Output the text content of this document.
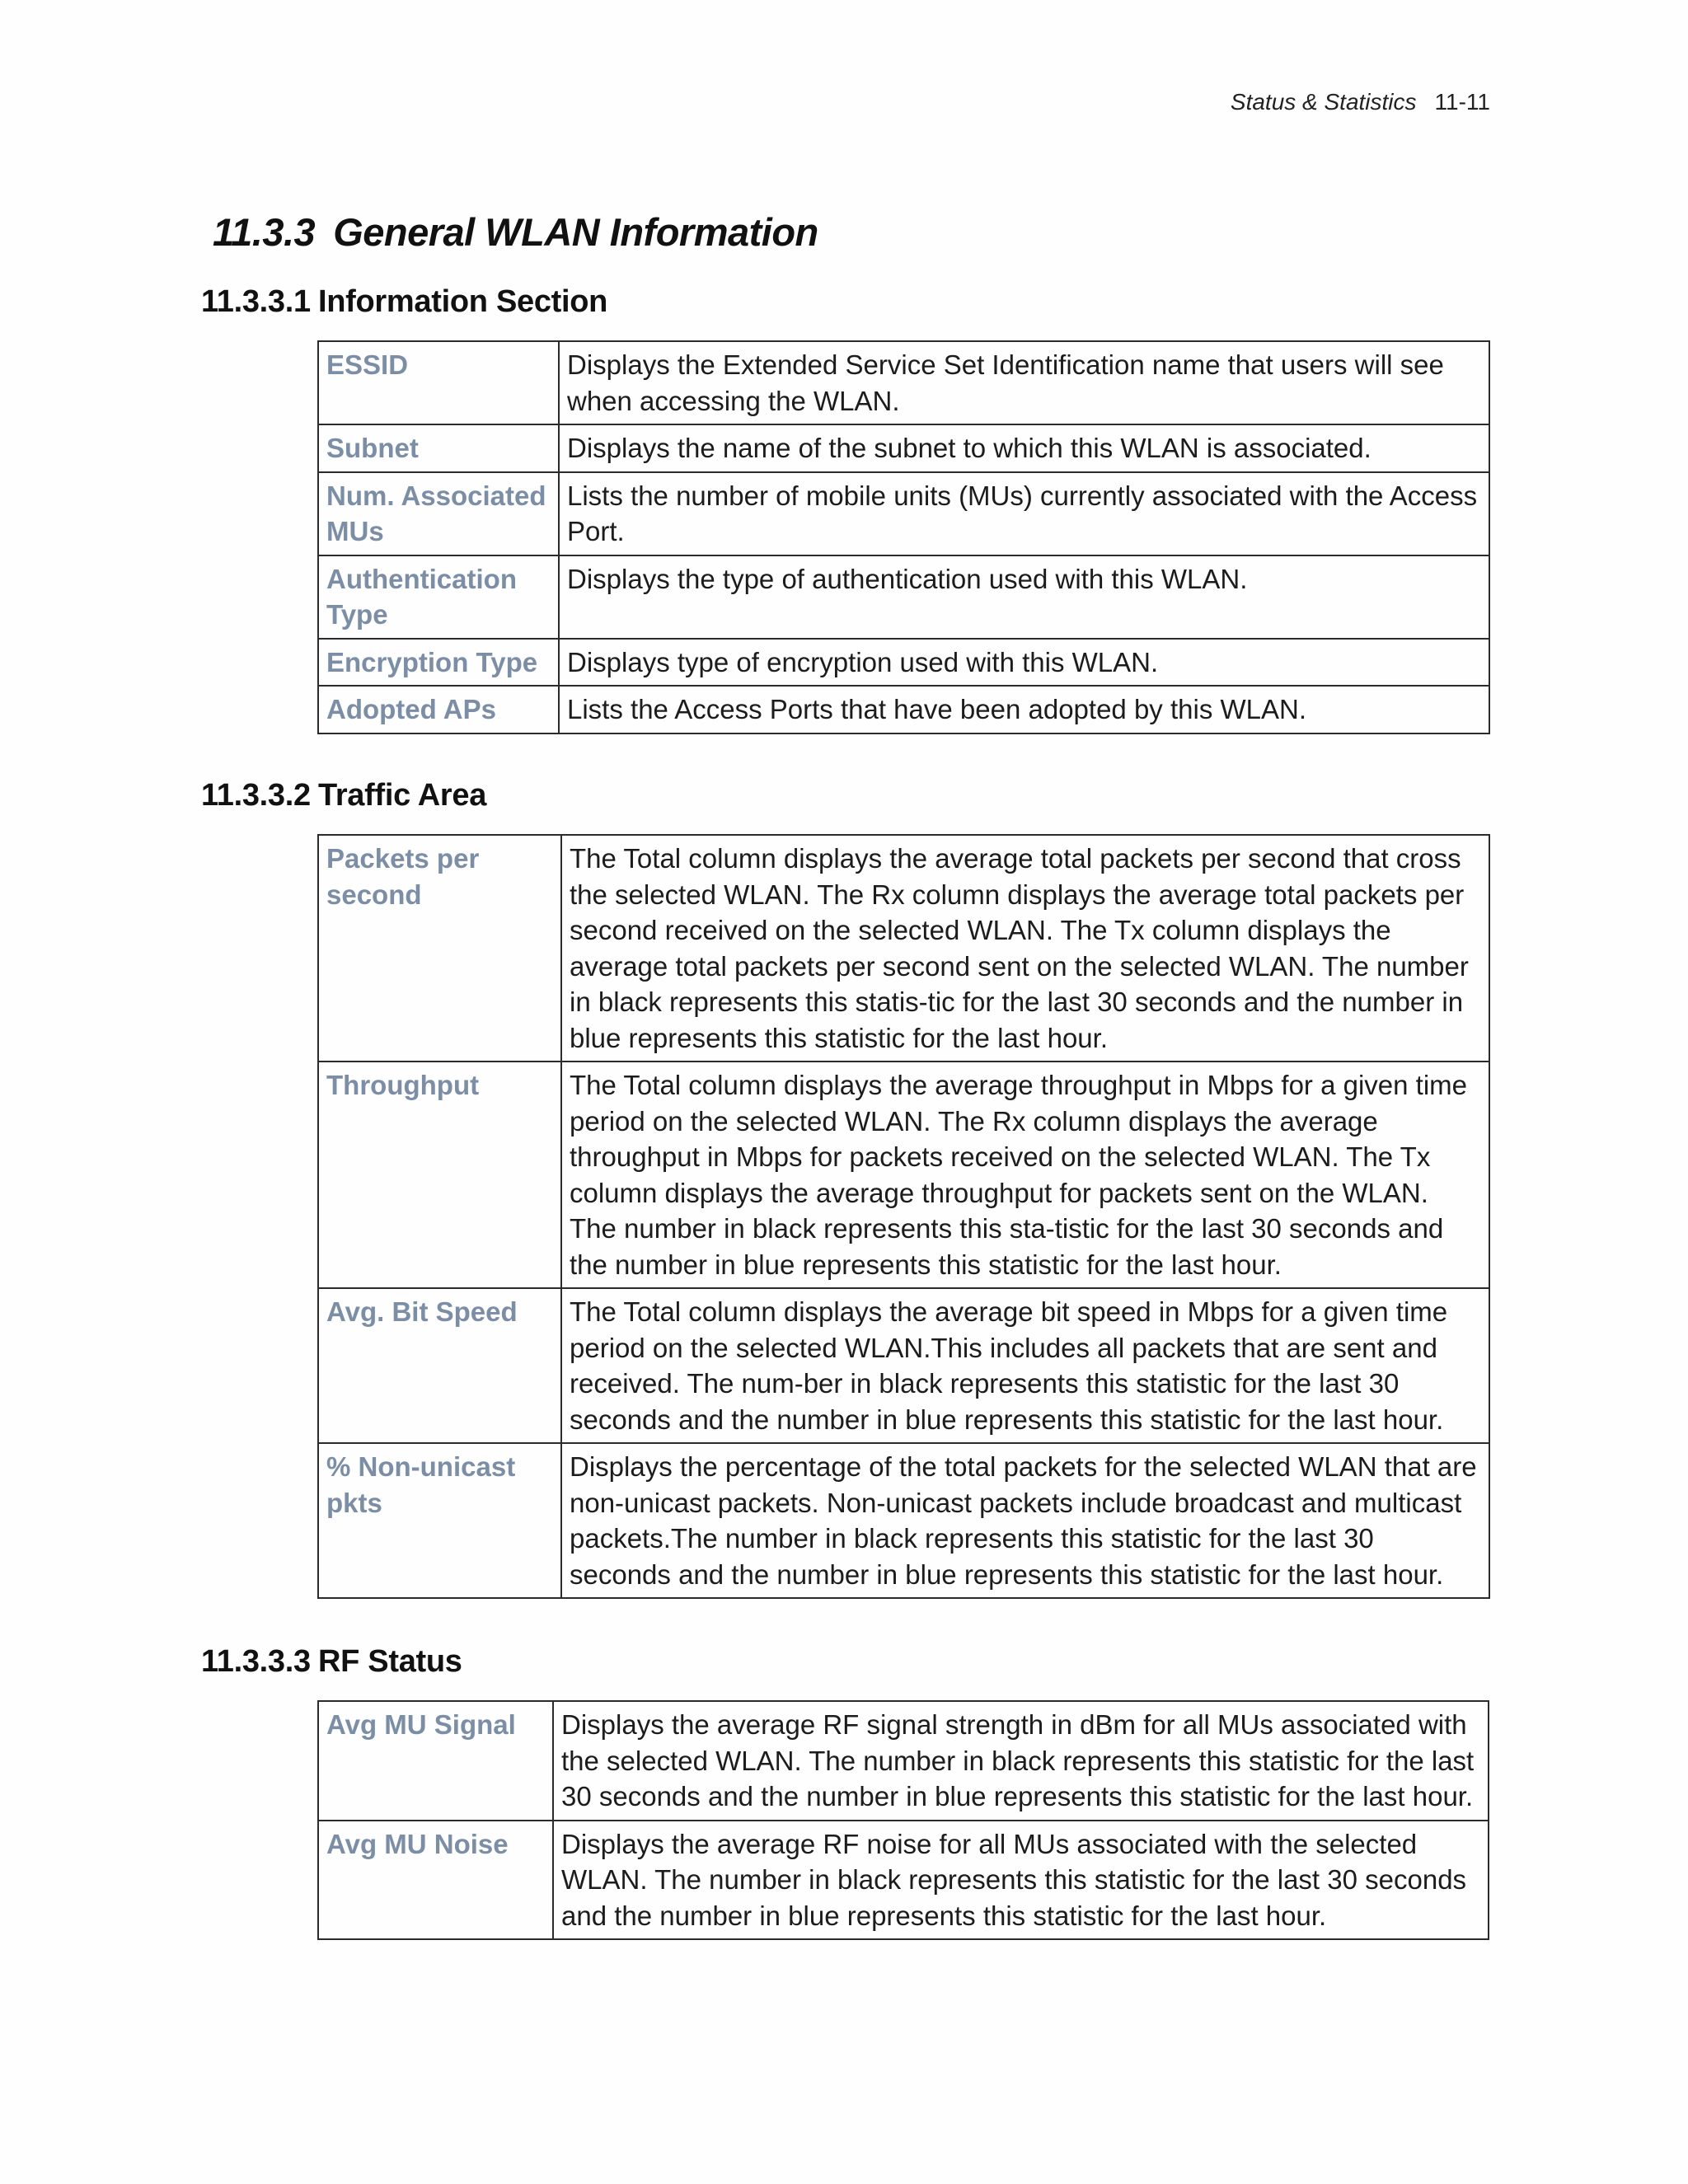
Status & Statistics 11-11
11.3.3 General WLAN Information
11.3.3.1 Information Section
ESSID	Displays the Extended Service Set Identification name that users will see when accessing the WLAN.
Subnet	Displays the name of the subnet to which this WLAN is associated.
Num. Associated MUs	Lists the number of mobile units (MUs) currently associated with the Access Port.
Authentication Type	Displays the type of authentication used with this WLAN.
Encryption Type	Displays type of encryption used with this WLAN.
Adopted APs	Lists the Access Ports that have been adopted by this WLAN.
11.3.3.2 Traffic Area
Packets per second	The Total column displays the average total packets per second that cross the selected WLAN. The Rx column displays the average total packets per second received on the selected WLAN. The Tx column displays the average total packets per second sent on the selected WLAN. The number in black represents this statis-tic for the last 30 seconds and the number in blue represents this statistic for the last hour.
Throughput	The Total column displays the average throughput in Mbps for a given time period on the selected WLAN. The Rx column displays the average throughput in Mbps for packets received on the selected WLAN. The Tx column displays the average throughput for packets sent on the WLAN. The number in black represents this sta-tistic for the last 30 seconds and the number in blue represents this statistic for the last hour.
Avg. Bit Speed	The Total column displays the average bit speed in Mbps for a given time period on the selected WLAN.This includes all packets that are sent and received. The num-ber in black represents this statistic for the last 30 seconds and the number in blue represents this statistic for the last hour.
% Non-unicast pkts	Displays the percentage of the total packets for the selected WLAN that are non-unicast packets. Non-unicast packets include broadcast and multicast packets.The number in black represents this statistic for the last 30 seconds and the number in blue represents this statistic for the last hour.
11.3.3.3 RF Status
Avg MU Signal	Displays the average RF signal strength in dBm for all MUs associated with the selected WLAN. The number in black represents this statistic for the last 30 seconds and the number in blue represents this statistic for the last hour.
Avg MU Noise	Displays the average RF noise for all MUs associated with the selected WLAN. The number in black represents this statistic for the last 30 seconds and the number in blue represents this statistic for the last hour.
